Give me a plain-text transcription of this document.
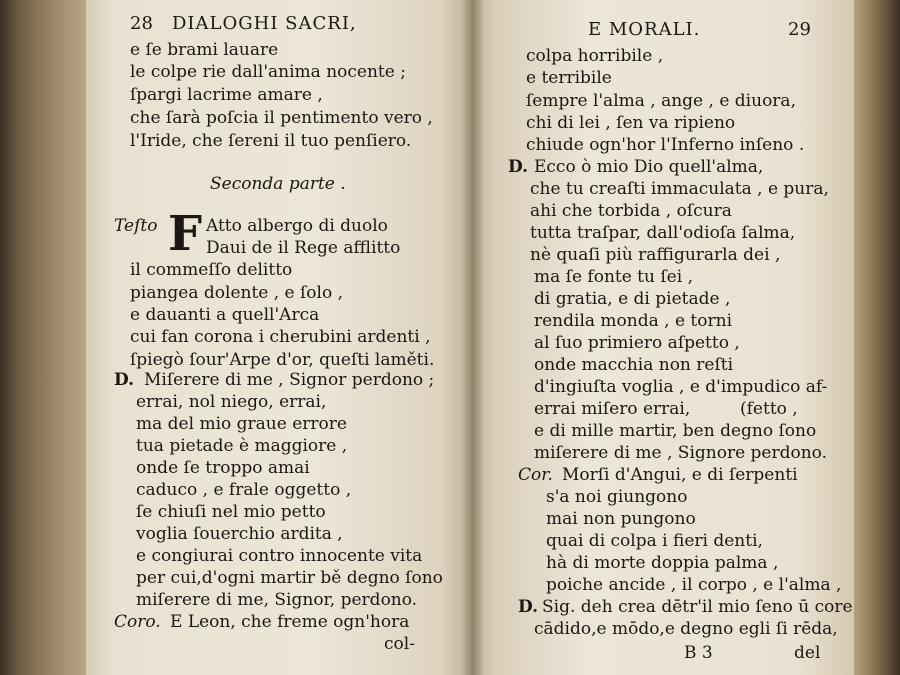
28 DIALOGHI SACRI,
e ſe brami lauare
le colpe rie dall'anima nocente ;
ſpargi lacrime amare ,
che ſarà poſcia il pentimento vero ,
l'Iride, che ſereni il tuo penſiero.
Seconda parte .
Teſto F Atto albergo di duolo
Daui de il Rege afflitto
il commeſſo delitto
piangea dolente , e ſolo ,
e dauanti a quell'Arca
cui fan corona i cherubini ardenti ,
ſpiegò ſour'Arpe d'or, queſti laměti.
D. Miſerere di me , Signor perdono ;
errai, nol niego, errai,
ma del mio graue errore
tua pietade è maggiore ,
onde ſe troppo amai
caduco , e frale oggetto ,
ſe chiuſi nel mio petto
voglia ſouerchio ardita ,
e congiurai contro innocente vita
per cui,d'ogni martir bě degno ſono
miſerere di me, Signor, perdono.
Coro. E Leon, che freme ogn'hora
col-
E MORALI.	29
colpa horribile ,
e terribile
ſempre l'alma , ange , e diuora,
chi di lei , ſen va ripieno
chiude ogn'hor l'Inferno inſeno .
D. Ecco ò mio Dio quell'alma,
che tu creaſti immaculata , e pura,
ahi che torbida , oſcura
tutta traſpar, dall'odioſa ſalma,
nè quaſi più raffigurarla dei ,
ma ſe fonte tu ſei ,
di gratia, e di pietade ,
rendila monda , e torni
al ſuo primiero aſpetto ,
onde macchia non reſti
d'ingiuſta voglia , e d'impudico af-
errai miſero errai,	(fetto ,
e di mille martir, ben degno ſono
miſerere di me , Signore perdono.
Cor. Morſi d'Angui, e di ſerpenti
s'a noi giungono
mai non pungono
quai di colpa i fieri denti,
hà di morte doppia palma ,
poiche ancide , il corpo , e l'alma ,
D. Sig. deh crea dētr'il mio ſeno ū core
cādido,e mōdo,e degno egli ſi rēda,
B 3	del
